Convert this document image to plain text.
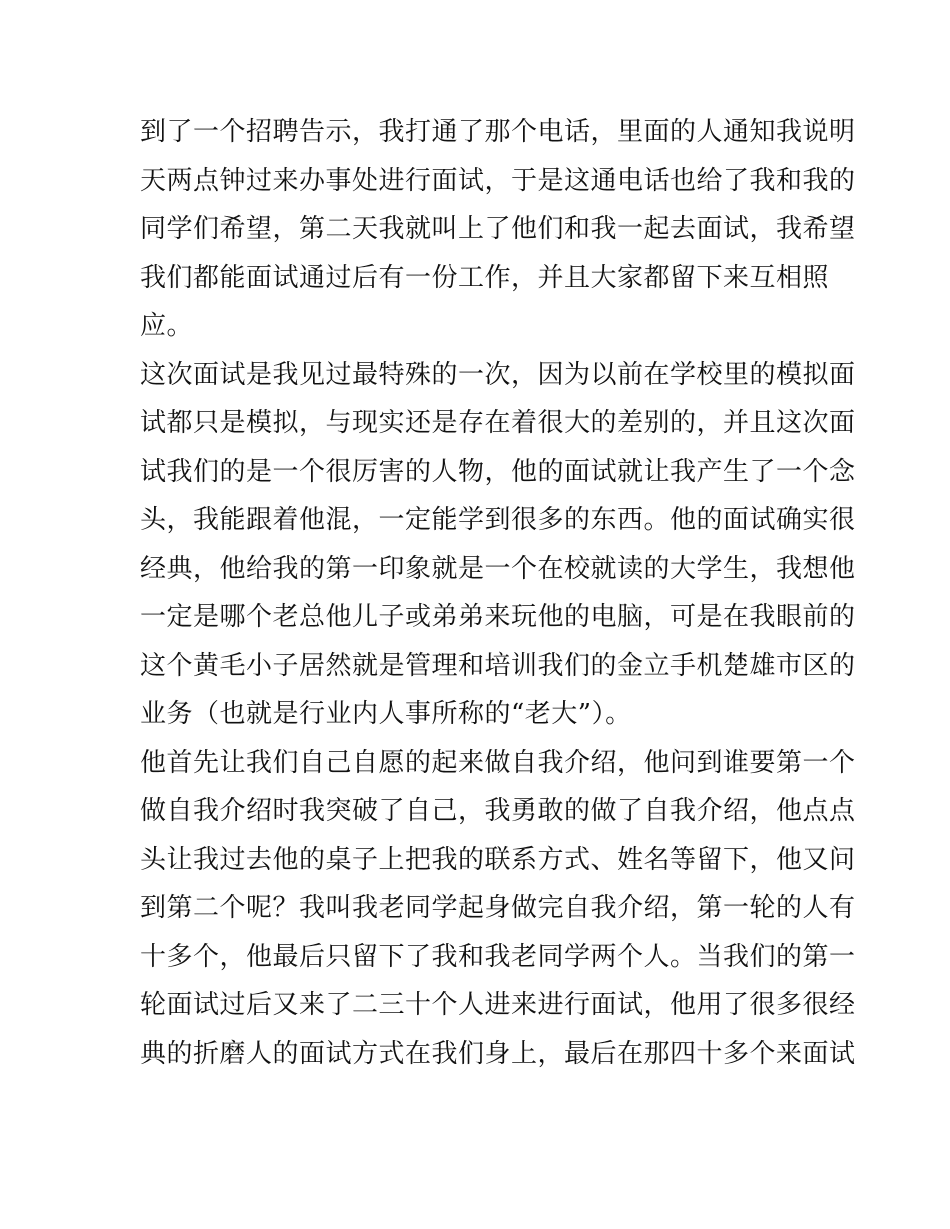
到了一个招聘告示，我打通了那个电话，里面的人通知我说明
天两点钟过来办事处进行面试，于是这通电话也给了我和我的
同学们希望，第二天我就叫上了他们和我一起去面试，我希望
我们都能面试通过后有一份工作，并且大家都留下来互相照
应。
这次面试是我见过最特殊的一次，因为以前在学校里的模拟面
试都只是模拟，与现实还是存在着很大的差别的，并且这次面
试我们的是一个很厉害的人物，他的面试就让我产生了一个念
头，我能跟着他混，一定能学到很多的东西。他的面试确实很
经典，他给我的第一印象就是一个在校就读的大学生，我想他
一定是哪个老总他儿子或弟弟来玩他的电脑，可是在我眼前的
这个黄毛小子居然就是管理和培训我们的金立手机楚雄市区的
业务（也就是行业内人事所称的“老大”）。
他首先让我们自己自愿的起来做自我介绍，他问到谁要第一个
做自我介绍时我突破了自己，我勇敢的做了自我介绍，他点点
头让我过去他的桌子上把我的联系方式、姓名等留下，他又问
到第二个呢？我叫我老同学起身做完自我介绍，第一轮的人有
十多个，他最后只留下了我和我老同学两个人。当我们的第一
轮面试过后又来了二三十个人进来进行面试，他用了很多很经
典的折磨人的面试方式在我们身上，最后在那四十多个来面试
